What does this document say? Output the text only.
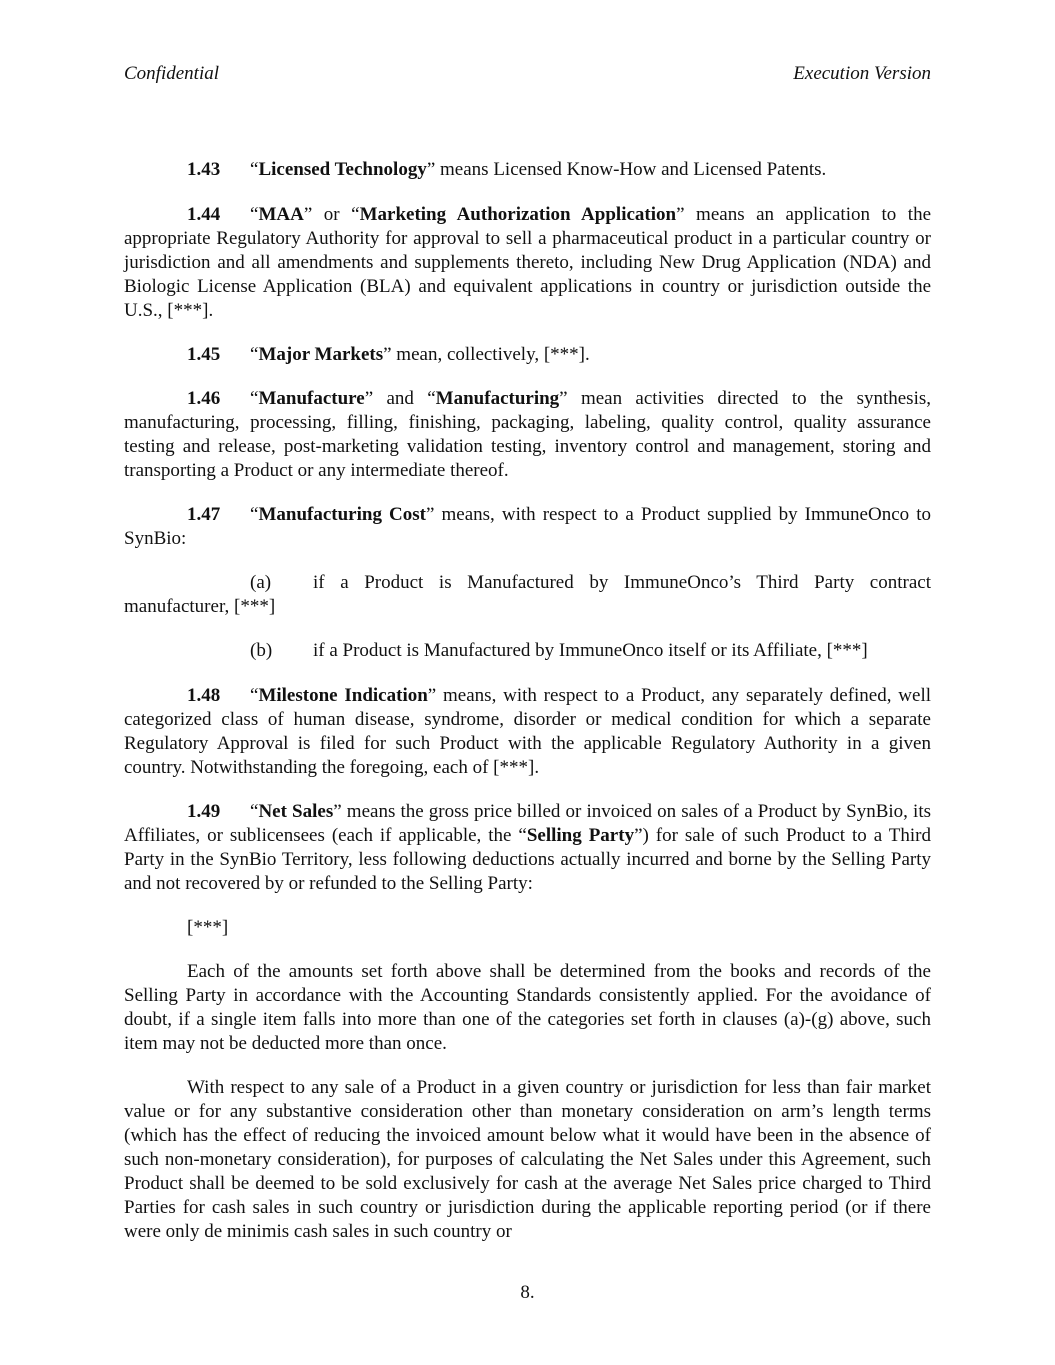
Confidential	Execution Version

1.43 “Licensed Technology” means Licensed Know-How and Licensed Patents.

1.44 “MAA” or “Marketing Authorization Application” means an application to the appropriate Regulatory Authority for approval to sell a pharmaceutical product in a particular country or jurisdiction and all amendments and supplements thereto, including New Drug Application (NDA) and Biologic License Application (BLA) and equivalent applications in country or jurisdiction outside the U.S., [***].

1.45 “Major Markets” mean, collectively, [***].

1.46 “Manufacture” and “Manufacturing” mean activities directed to the synthesis, manufacturing, processing, filling, finishing, packaging, labeling, quality control, quality assurance testing and release, post-marketing validation testing, inventory control and management, storing and transporting a Product or any intermediate thereof.

1.47 “Manufacturing Cost” means, with respect to a Product supplied by ImmuneOnco to SynBio:

(a) if a Product is Manufactured by ImmuneOnco’s Third Party contract manufacturer, [***]

(b) if a Product is Manufactured by ImmuneOnco itself or its Affiliate, [***]

1.48 “Milestone Indication” means, with respect to a Product, any separately defined, well categorized class of human disease, syndrome, disorder or medical condition for which a separate Regulatory Approval is filed for such Product with the applicable Regulatory Authority in a given country. Notwithstanding the foregoing, each of [***].

1.49 “Net Sales” means the gross price billed or invoiced on sales of a Product by SynBio, its Affiliates, or sublicensees (each if applicable, the “Selling Party”) for sale of such Product to a Third Party in the SynBio Territory, less following deductions actually incurred and borne by the Selling Party and not recovered by or refunded to the Selling Party:

[***]

Each of the amounts set forth above shall be determined from the books and records of the Selling Party in accordance with the Accounting Standards consistently applied. For the avoidance of doubt, if a single item falls into more than one of the categories set forth in clauses (a)-(g) above, such item may not be deducted more than once.

With respect to any sale of a Product in a given country or jurisdiction for less than fair market value or for any substantive consideration other than monetary consideration on arm’s length terms (which has the effect of reducing the invoiced amount below what it would have been in the absence of such non-monetary consideration), for purposes of calculating the Net Sales under this Agreement, such Product shall be deemed to be sold exclusively for cash at the average Net Sales price charged to Third Parties for cash sales in such country or jurisdiction during the applicable reporting period (or if there were only de minimis cash sales in such country or

8.
